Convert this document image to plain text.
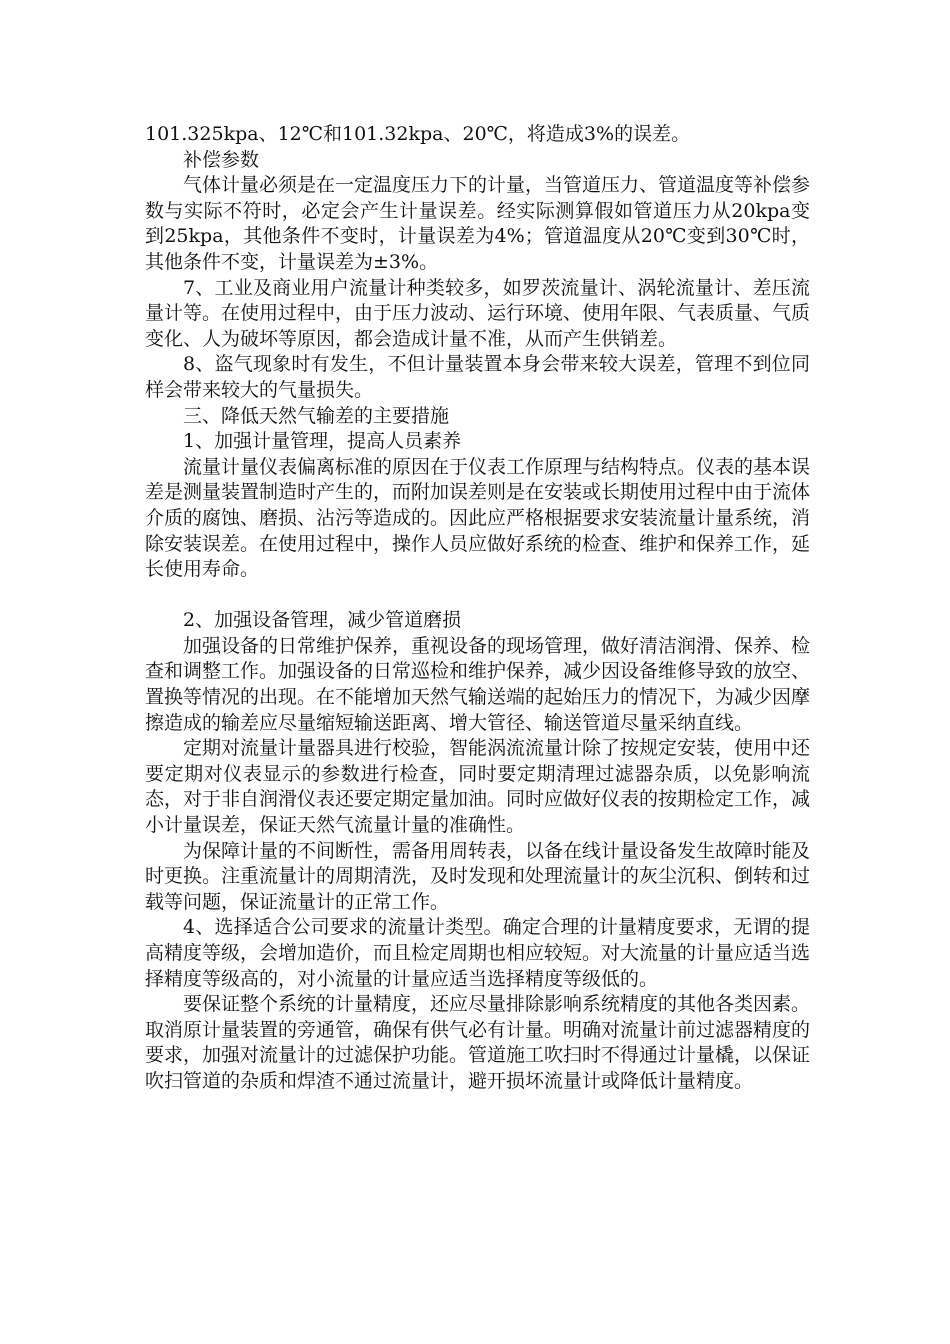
101.325kpa、12℃和101.32kpa、20℃，将造成3%的误差。

补偿参数

气体计量必须是在一定温度压力下的计量，当管道压力、管道温度等补偿参数与实际不符时，必定会产生计量误差。经实际测算假如管道压力从20kpa变到25kpa，其他条件不变时，计量误差为4%；管道温度从20℃变到30℃时，其他条件不变，计量误差为±3%。

7、工业及商业用户流量计种类较多，如罗茨流量计、涡轮流量计、差压流量计等。在使用过程中，由于压力波动、运行环境、使用年限、气表质量、气质变化、人为破坏等原因，都会造成计量不准，从而产生供销差。

8、盗气现象时有发生，不但计量装置本身会带来较大误差，管理不到位同样会带来较大的气量损失。

三、降低天然气输差的主要措施

1、加强计量管理，提高人员素养

流量计量仪表偏离标准的原因在于仪表工作原理与结构特点。仪表的基本误差是测量装置制造时产生的，而附加误差则是在安装或长期使用过程中由于流体介质的腐蚀、磨损、沾污等造成的。因此应严格根据要求安装流量计量系统，消除安装误差。在使用过程中，操作人员应做好系统的检查、维护和保养工作，延长使用寿命。

2、加强设备管理，减少管道磨损

加强设备的日常维护保养，重视设备的现场管理，做好清洁润滑、保养、检查和调整工作。加强设备的日常巡检和维护保养，减少因设备维修导致的放空、置换等情况的出现。在不能增加天然气输送端的起始压力的情况下，为减少因摩擦造成的输差应尽量缩短输送距离、增大管径、输送管道尽量采纳直线。

定期对流量计量器具进行校验，智能涡流流量计除了按规定安装，使用中还要定期对仪表显示的参数进行检查，同时要定期清理过滤器杂质，以免影响流态，对于非自润滑仪表还要定期定量加油。同时应做好仪表的按期检定工作，减小计量误差，保证天然气流量计量的准确性。

为保障计量的不间断性，需备用周转表，以备在线计量设备发生故障时能及时更换。注重流量计的周期清洗，及时发现和处理流量计的灰尘沉积、倒转和过载等问题，保证流量计的正常工作。

4、选择适合公司要求的流量计类型。确定合理的计量精度要求，无谓的提高精度等级，会增加造价，而且检定周期也相应较短。对大流量的计量应适当选择精度等级高的，对小流量的计量应适当选择精度等级低的。

要保证整个系统的计量精度，还应尽量排除影响系统精度的其他各类因素。 取消原计量装置的旁通管，确保有供气必有计量。明确对流量计前过滤器精度的要求，加强对流量计的过滤保护功能。管道施工吹扫时不得通过计量橇，以保证吹扫管道的杂质和焊渣不通过流量计，避开损坏流量计或降低计量精度。
